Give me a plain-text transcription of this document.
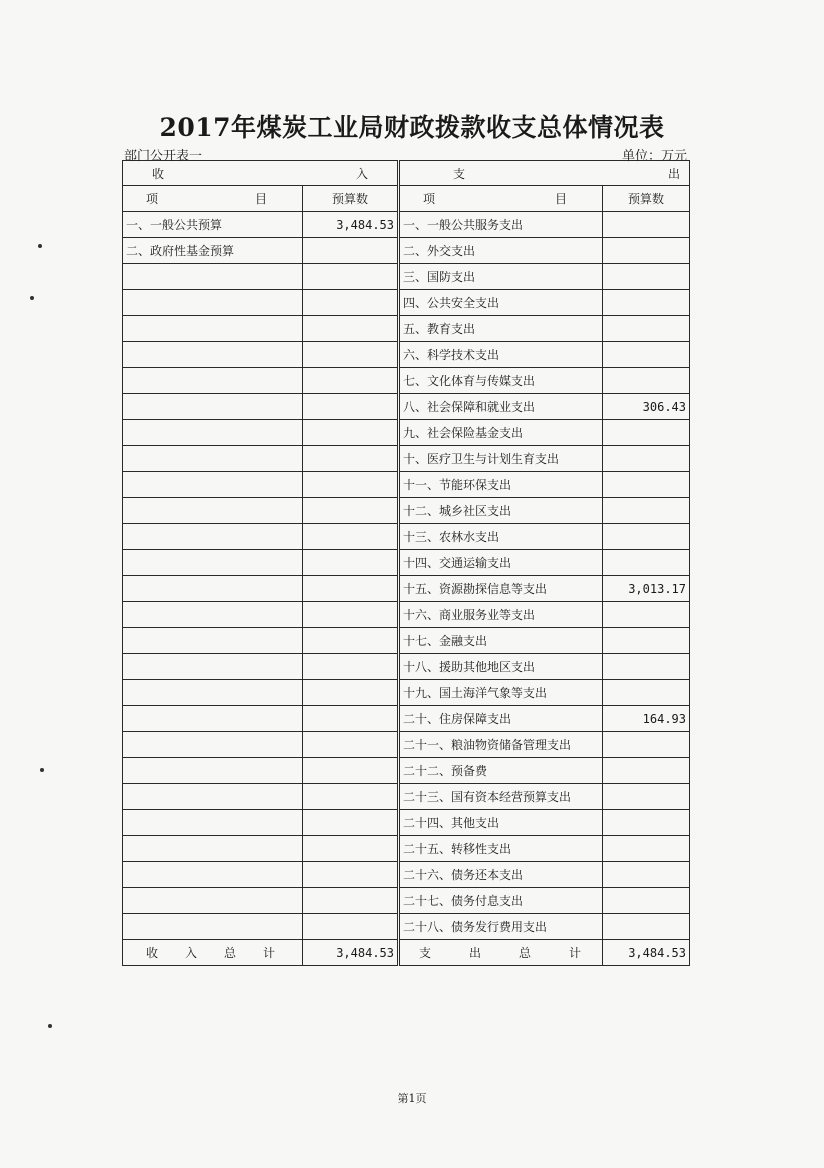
2017年煤炭工业局财政拨款收支总体情况表
部门公开表一	单位：万元
收 入		支 出	

项 目	预算数	项 目	预算数
一、一般公共预算	3,484.53	一、一般公共服务支出	
二、政府性基金预算		二、外交支出	
		三、国防支出	
		四、公共安全支出	
		五、教育支出	
		六、科学技术支出	
		七、文化体育与传媒支出	
		八、社会保障和就业支出	306.43
		九、社会保险基金支出	
		十、医疗卫生与计划生育支出	
		十一、节能环保支出	
		十二、城乡社区支出	
		十三、农林水支出	
		十四、交通运输支出	
		十五、资源勘探信息等支出	3,013.17
		十六、商业服务业等支出	
		十七、金融支出	
		十八、援助其他地区支出	
		十九、国土海洋气象等支出	
		二十、住房保障支出	164.93
		二十一、粮油物资储备管理支出	
		二十二、预备费	
		二十三、国有资本经营预算支出	
		二十四、其他支出	
		二十五、转移性支出	
		二十六、债务还本支出	
		二十七、债务付息支出	
		二十八、债务发行费用支出	

收 入 总 计	3,484.53	支 出 总 计	3,484.53
第1页
